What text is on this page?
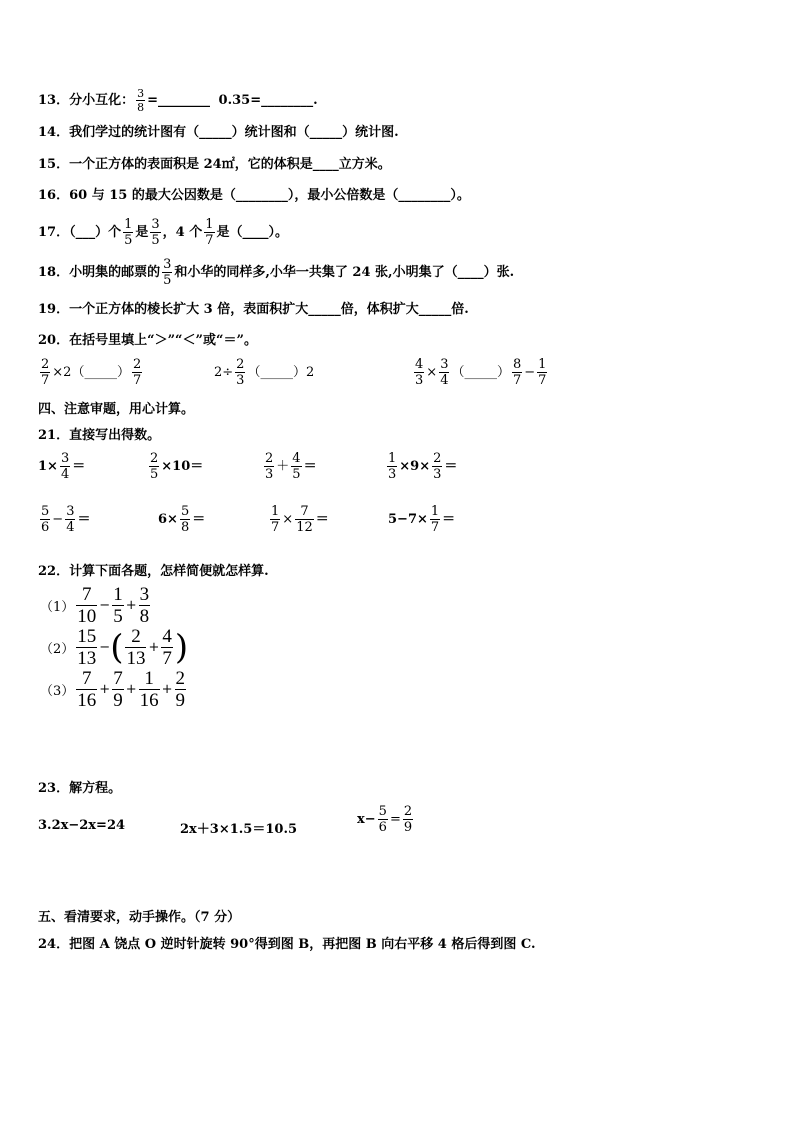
13．分小互化： $\frac{3}{8}$ =________ 0.35=________.
14．我们学过的统计图有（_____）统计图和（_____）统计图.
15．一个正方体的表面积是 24㎡，它的体积是____立方米。
16．60 与 15 的最大公因数是（________），最小公倍数是（________）。
17．（___）个 $\frac{1}{5}$ 是 $\frac{3}{5}$ ，4 个 $\frac{1}{7}$ 是（____）。
18．小明集的邮票的 $\frac{3}{5}$ 和小华的同样多,小华一共集了 24 张,小明集了（____）张.
19．一个正方体的棱长扩大 3 倍，表面积扩大_____倍，体积扩大_____倍.
20．在括号里填上“＞”“＜”或“＝”。
$\frac{2}{7}$ ×2（_____） $\frac{2}{7}$	$2\div \frac{2}{3}$ （_____）2	$\frac{4}{3} \times \frac{3}{4}$ （_____） $\frac{8}{7} - \frac{1}{7}$
四、注意审题，用心计算。
21．直接写出得数。
$1\times \frac{3}{4}$ ＝	$\frac{2}{5} \times 10=$	$\frac{2}{3} + \frac{4}{5}$ ＝	$\frac{1}{3} \times 9\times \frac{2}{3}$ ＝
$\frac{5}{6} - \frac{3}{4}$ ＝	$6\times \frac{5}{8}$ ＝	$\frac{1}{7} \times \frac{7}{12}$ ＝	$5-7\times \frac{1}{7}$ ＝
22．计算下面各题，怎样简便就怎样算.
$(1) \frac{7}{10} - \frac{1}{5} + \frac{3}{8}$
$(2) \frac{15}{13}$ −( $\frac{2}{13} + \frac{4}{7}$ )
$(3) \frac{7}{16} + \frac{7}{9} + \frac{1}{16} + \frac{2}{9}$
23．解方程。
3.2x−2x=24	2x＋3×1.5＝10.5
$x- \frac{5}{6} = \frac{2}{9}$
五、看清要求，动手操作。（7 分）
24．把图 A 饶点 O 逆时针旋转 90°得到图 B，再把图 B 向右平移 4 格后得到图 C.
